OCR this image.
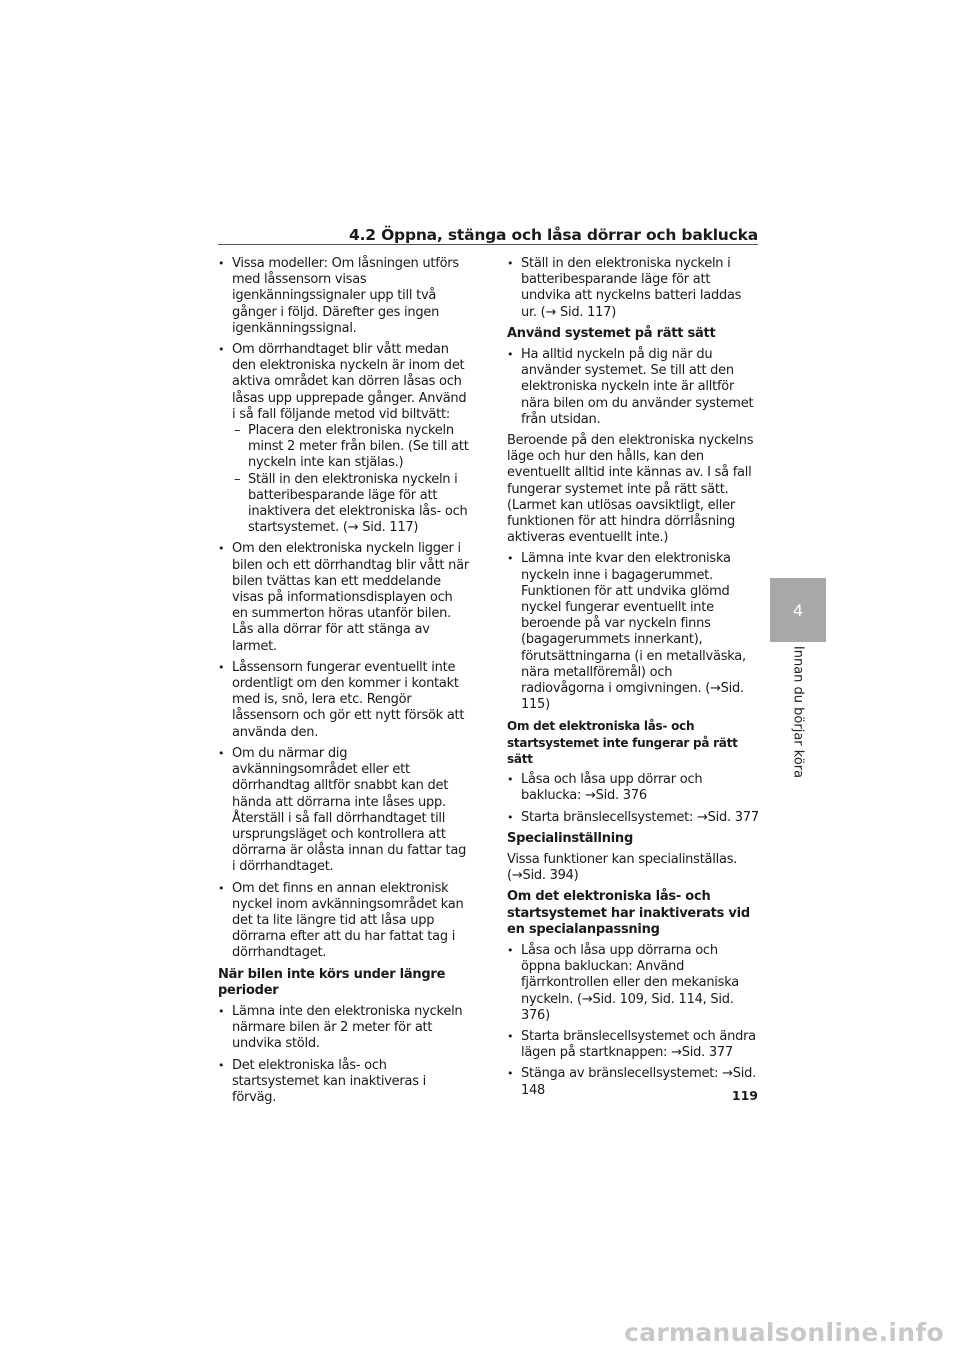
4.2 Öppna, stänga och låsa dörrar och baklucka
• Vissa modeller: Om låsningen utförs med låssensorn visas igenkänningssignaler upp till två gånger i följd. Därefter ges ingen igenkänningssignal.
• Om dörrhandtaget blir vått medan den elektroniska nyckeln är inom det aktiva området kan dörren låsas och låsas upp upprepade gånger. Använd i så fall följande metod vid biltvätt:
– Placera den elektroniska nyckeln minst 2 meter från bilen. (Se till att nyckeln inte kan stjälas.)
– Ställ in den elektroniska nyckeln i batteribesparande läge för att inaktivera det elektroniska lås- och startsystemet. (→ Sid. 117)
• Om den elektroniska nyckeln ligger i bilen och ett dörrhandtag blir vått när bilen tvättas kan ett meddelande visas på informationsdisplayen och en summerton höras utanför bilen. Lås alla dörrar för att stänga av larmet.
• Låssensorn fungerar eventuellt inte ordentligt om den kommer i kontakt med is, snö, lera etc. Rengör låssensorn och gör ett nytt försök att använda den.
• Om du närmar dig avkänningsområdet eller ett dörrhandtag alltför snabbt kan det hända att dörrarna inte låses upp. Återställ i så fall dörrhandtaget till ursprungsläget och kontrollera att dörrarna är olåsta innan du fattar tag i dörrhandtaget.
• Om det finns en annan elektronisk nyckel inom avkänningsområdet kan det ta lite längre tid att låsa upp dörrarna efter att du har fattat tag i dörrhandtaget.
När bilen inte körs under längre perioder
• Lämna inte den elektroniska nyckeln närmare bilen är 2 meter för att undvika stöld.
• Det elektroniska lås- och startsystemet kan inaktiveras i förväg.
• Ställ in den elektroniska nyckeln i batteribesparande läge för att undvika att nyckelns batteri laddas ur. (→ Sid. 117)
Använd systemet på rätt sätt
• Ha alltid nyckeln på dig när du använder systemet. Se till att den elektroniska nyckeln inte är alltför nära bilen om du använder systemet från utsidan.
Beroende på den elektroniska nyckelns läge och hur den hålls, kan den eventuellt alltid inte kännas av. I så fall fungerar systemet inte på rätt sätt. (Larmet kan utlösas oavsiktligt, eller funktionen för att hindra dörrlåsning aktiveras eventuellt inte.)
• Lämna inte kvar den elektroniska nyckeln inne i bagagerummet. Funktionen för att undvika glömd nyckel fungerar eventuellt inte beroende på var nyckeln finns (bagagerummets innerkant), förutsättningarna (i en metallväska, nära metallföremål) och radiovågorna i omgivningen. (→Sid. 115)
Om det elektroniska lås- och startsystemet inte fungerar på rätt sätt
• Låsa och låsa upp dörrar och baklucka: →Sid. 376
• Starta bränslecellsystemet: →Sid. 377
Specialinställning
Vissa funktioner kan specialinställas. (→Sid. 394)
Om det elektroniska lås- och startsystemet har inaktiverats vid en specialanpassning
• Låsa och låsa upp dörrarna och öppna bakluckan: Använd fjärrkontrollen eller den mekaniska nyckeln. (→Sid. 109, Sid. 114, Sid. 376)
• Starta bränslecellsystemet och ändra lägen på startknappen: →Sid. 377
• Stänga av bränslecellsystemet: →Sid. 148
4
Innan du börjar köra
119
carmanualsonline.info
